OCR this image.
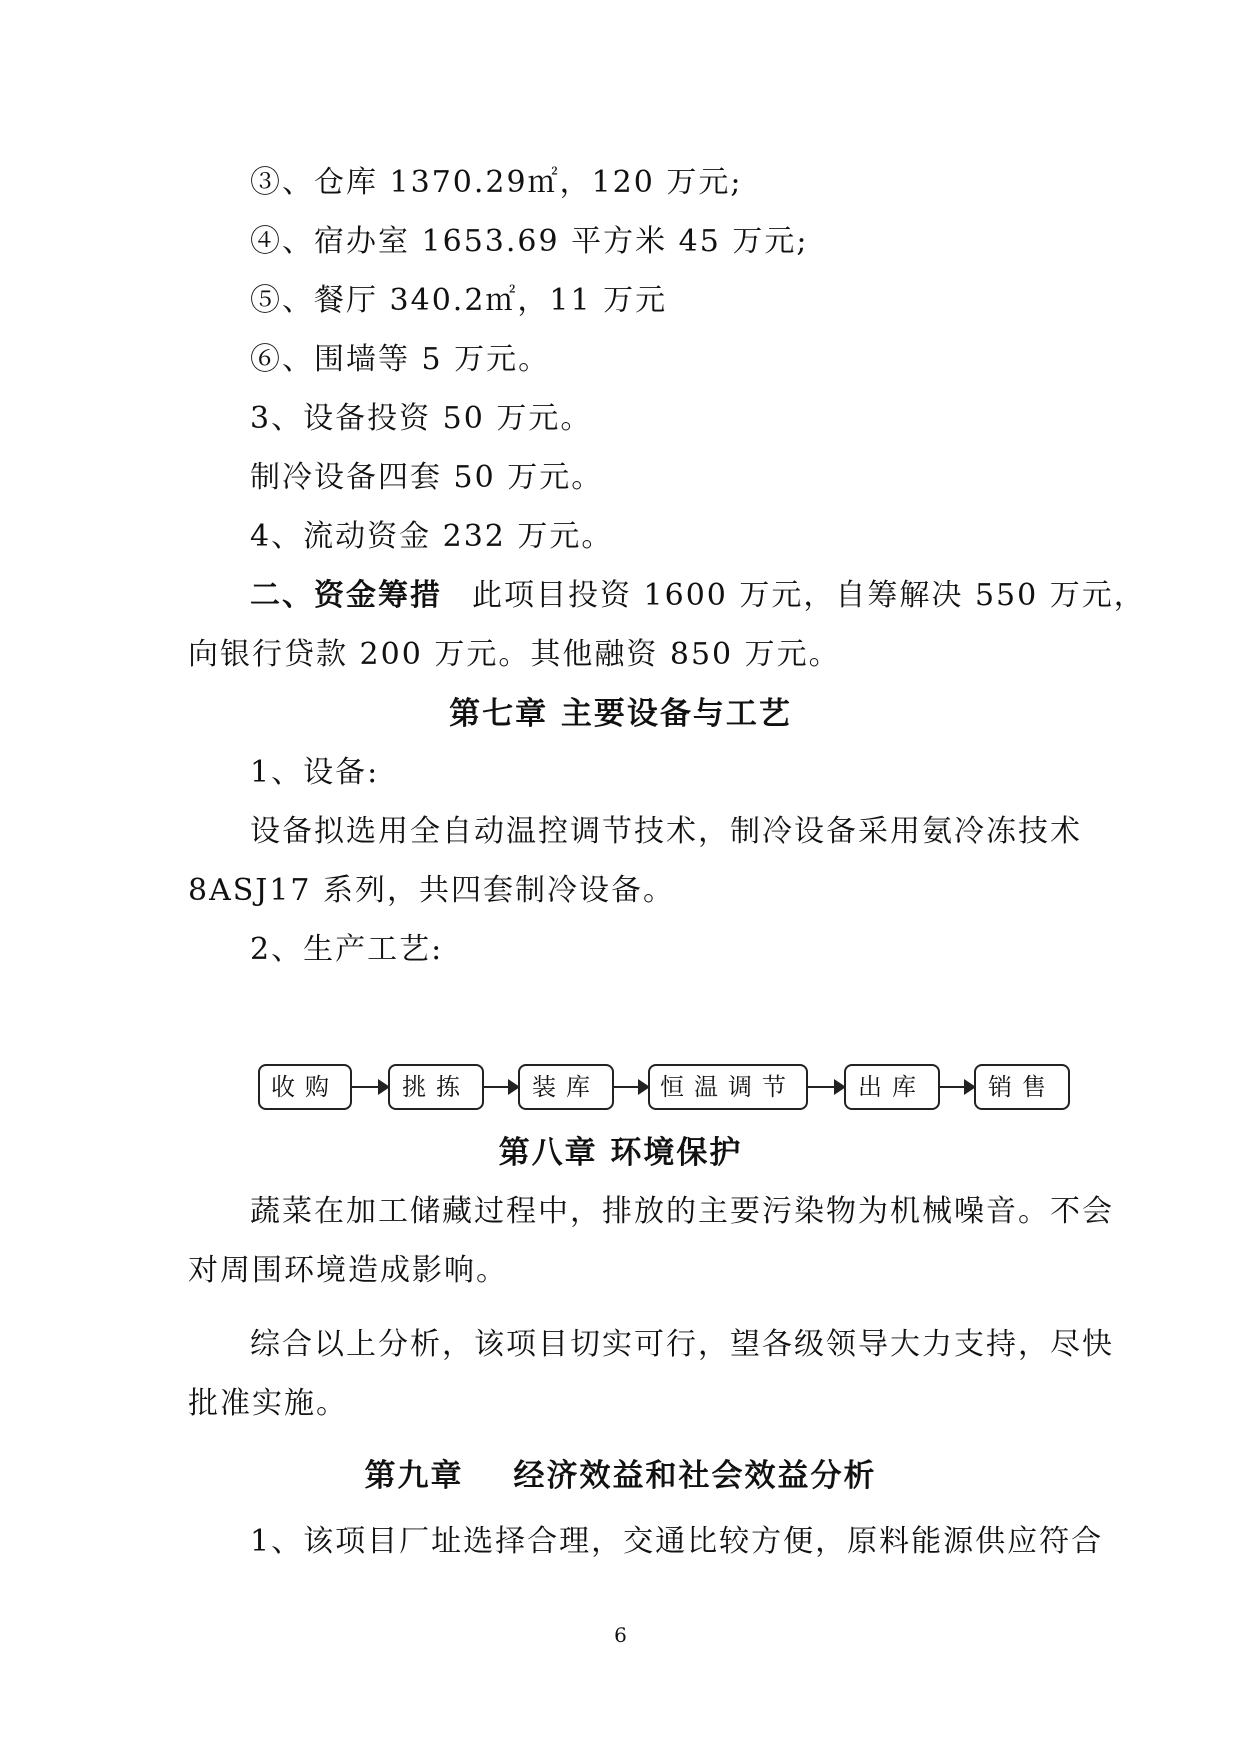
③、仓库 1370.29㎡，120 万元;
④、宿办室 1653.69 平方米 45 万元;
⑤、餐厅 340.2㎡，11 万元
⑥、围墙等 5 万元。
3、设备投资 50 万元。
制冷设备四套 50 万元。
4、流动资金 232 万元。
二、资金筹措 此项目投资 1600 万元，自筹解决 550 万元，
向银行贷款 200 万元。其他融资 850 万元。
第七章 主要设备与工艺
1、设备:
设备拟选用全自动温控调节技术，制冷设备采用氨冷冻技术
8ASJ17 系列，共四套制冷设备。
2、生产工艺:
收购	挑拣	装库	恒温调节	出库	销售
第八章 环境保护
蔬菜在加工储藏过程中，排放的主要污染物为机械噪音。不会
对周围环境造成影响。
综合以上分析，该项目切实可行，望各级领导大力支持，尽快
批准实施。
第九章 经济效益和社会效益分析
1、该项目厂址选择合理，交通比较方便，原料能源供应符合
6
